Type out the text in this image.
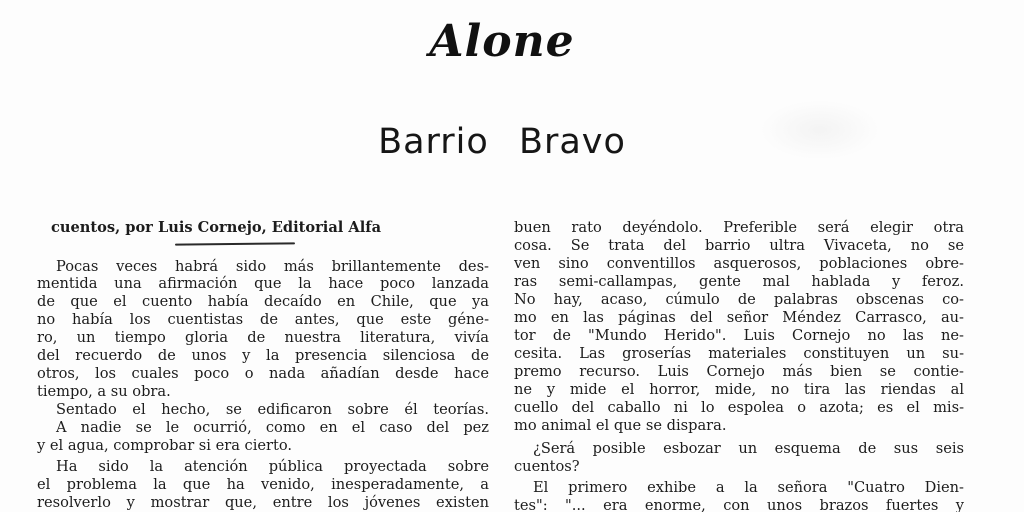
Alone
Barrio Bravo
cuentos, por Luis Cornejo, Editorial Alfa
Pocas veces habrá sido más brillantemente des-
mentida una afirmación que la hace poco lanzada
de que el cuento había decaído en Chile, que ya
no había los cuentistas de antes, que este géne-
ro, un tiempo gloria de nuestra literatura, vivía
del recuerdo de unos y la presencia silenciosa de
otros, los cuales poco o nada añadían desde hace
tiempo, a su obra.
Sentado el hecho, se edificaron sobre él teorías.
A nadie se le ocurrió, como en el caso del pez
y el agua, comprobar si era cierto.
Ha sido la atención pública proyectada sobre
el problema la que ha venido, inesperadamente, a
resolverlo y mostrar que, entre los jóvenes existen
buen rato deyéndolo. Preferible será elegir otra
cosa. Se trata del barrio ultra Vivaceta, no se
ven sino conventillos asquerosos, poblaciones obre-
ras semi-callampas, gente mal hablada y feroz.
No hay, acaso, cúmulo de palabras obscenas co-
mo en las páginas del señor Méndez Carrasco, au-
tor de "Mundo Herido". Luis Cornejo no las ne-
cesita. Las groserías materiales constituyen un su-
premo recurso. Luis Cornejo más bien se contie-
ne y mide el horror, mide, no tira las riendas al
cuello del caballo ni lo espolea o azota; es el mis-
mo animal el que se dispara.
¿Será posible esbozar un esquema de sus seis
cuentos?
El primero exhibe a la señora "Cuatro Dien-
tes": "... era enorme, con unos brazos fuertes y
